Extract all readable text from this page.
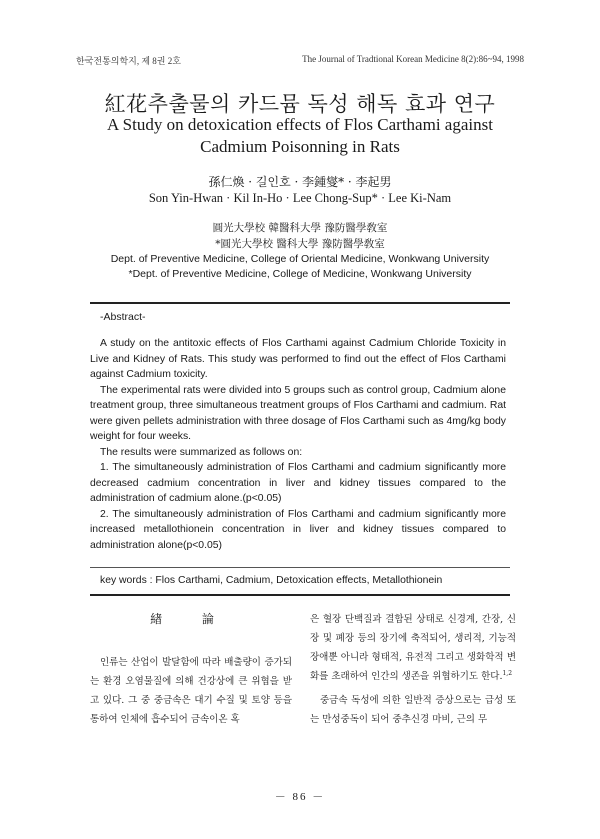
한국전통의학지, 제 8권 2호	The Journal of Tradtional Korean Medicine 8(2):86~94, 1998
紅花추출물의 카드뮴 독성 해독 효과 연구
A Study on detoxication effects of Flos Carthami against
Cadmium Poisonning in Rats
孫仁煥 · 길인호 · 李鍾燮* · 李起男
Son Yin-Hwan · Kil In-Ho · Lee Chong-Sup* · Lee Ki-Nam
圓光大學校 韓醫科大學 豫防醫學敎室
*圓光大學校 醫科大學 豫防醫學敎室
Dept. of Preventive Medicine, College of Oriental Medicine, Wonkwang University
*Dept. of Preventive Medicine, College of Medicine, Wonkwang University
-Abstract-

A study on the antitoxic effects of Flos Carthami against Cadmium Chloride Toxicity in Live and Kidney of Rats. This study was performed to find out the effect of Flos Carthami against Cadmium toxicity.

The experimental rats were divided into 5 groups such as control group, Cadmium alone treatment group, three simultaneous treatment groups of Flos Carthami and cadmium. Rat were given pellets administration with three dosage of Flos Carthami such as 4mg/kg body weight for four weeks.

The results were summarized as follows on:

1. The simultaneously administration of Flos Carthami and cadmium significantly more decreased cadmium concentration in liver and kidney tissues compared to the administration of cadmium alone.(p<0.05)

2. The simultaneously administration of Flos Carthami and cadmium significantly more increased metallothionein concentration in liver and kidney tissues compared to administration alone(p<0.05)

key words : Flos Carthami, Cadmium, Detoxication effects, Metallothionein
緖 論

인류는 산업이 발달함에 따라 배출량이 증가되는 환경 오염물질에 의해 건강상에 큰 위협을 받고 있다. 그 중 중금속은 대기 수질 및 토양 등을 통하여 인체에 흡수되어 금속이온 혹

은 혈장 단백질과 결합된 상태로 신경계, 간장, 신장 및 폐장 등의 장기에 축적되어, 생리적, 기능적 장애뿐 아니라 형태적, 유전적 그리고 생화학적 변화를 초래하여 인간의 생존을 위협하기도 한다.$^{1,2}$

중금속 독성에 의한 일반적 증상으로는 급성 또는 만성중독이 되어 중추신경 마비, 근의 무

－ 86 －
